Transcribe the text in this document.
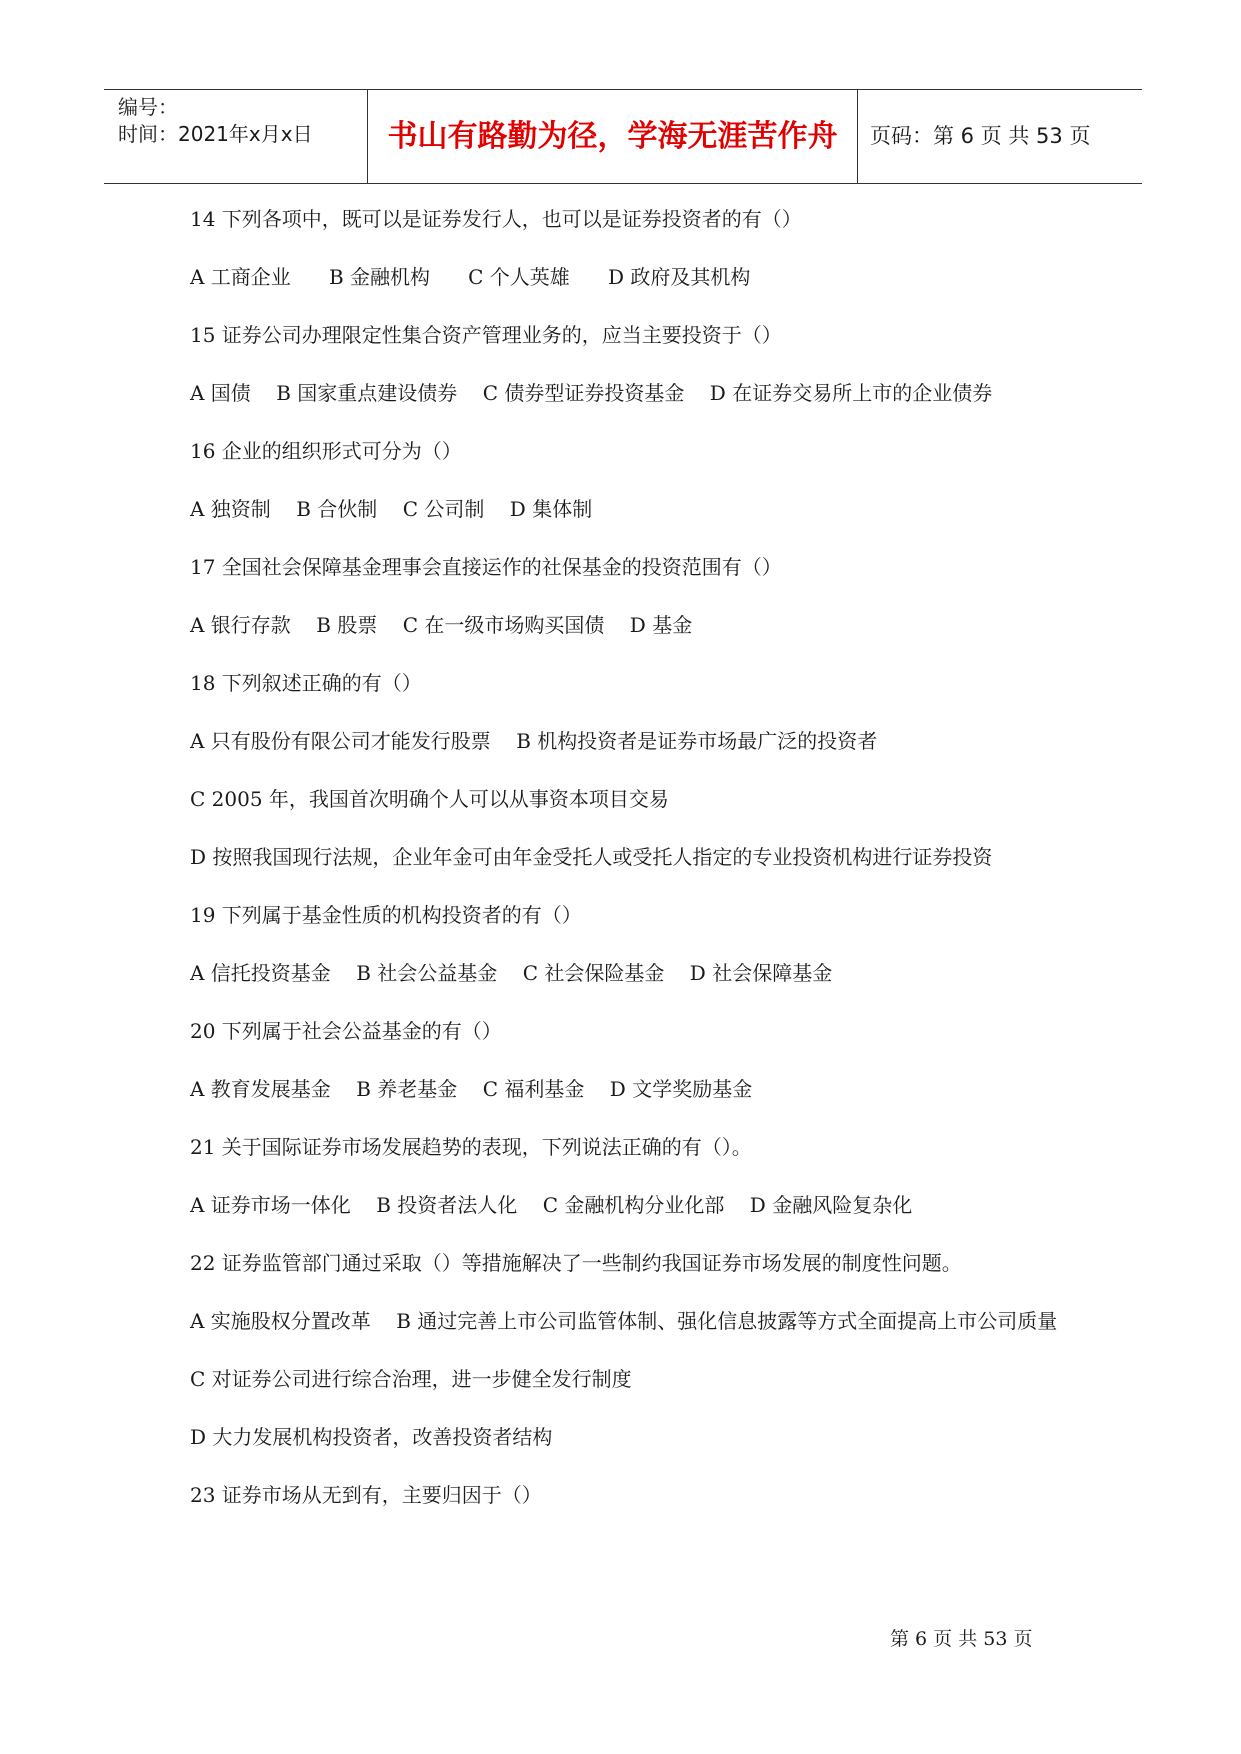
编号：
时间：2021年x月x日	书山有路勤为径，学海无涯苦作舟	页码：第 6 页 共 53 页

14 下列各项中，既可以是证券发行人，也可以是证券投资者的有（）

A 工商企业      B 金融机构      C 个人英雄      D 政府及其机构

15 证券公司办理限定性集合资产管理业务的，应当主要投资于（）

A 国债    B 国家重点建设债券    C 债券型证券投资基金    D 在证券交易所上市的企业债券

16 企业的组织形式可分为（）

A 独资制    B 合伙制    C 公司制    D 集体制

17 全国社会保障基金理事会直接运作的社保基金的投资范围有（）

A 银行存款    B 股票    C 在一级市场购买国债    D 基金

18 下列叙述正确的有（）

A 只有股份有限公司才能发行股票    B 机构投资者是证券市场最广泛的投资者

C 2005 年，我国首次明确个人可以从事资本项目交易

D 按照我国现行法规，企业年金可由年金受托人或受托人指定的专业投资机构进行证券投资

19 下列属于基金性质的机构投资者的有（）

A 信托投资基金    B 社会公益基金    C 社会保险基金    D 社会保障基金

20 下列属于社会公益基金的有（）

A 教育发展基金    B 养老基金    C 福利基金    D 文学奖励基金

21 关于国际证券市场发展趋势的表现，下列说法正确的有（）。

A 证券市场一体化    B 投资者法人化    C 金融机构分业化部    D 金融风险复杂化

22 证券监管部门通过采取（）等措施解决了一些制约我国证券市场发展的制度性问题。

A 实施股权分置改革    B 通过完善上市公司监管体制、强化信息披露等方式全面提高上市公司质量

C 对证券公司进行综合治理，进一步健全发行制度

D 大力发展机构投资者，改善投资者结构

23 证券市场从无到有，主要归因于（）

第 6 页 共 53 页
